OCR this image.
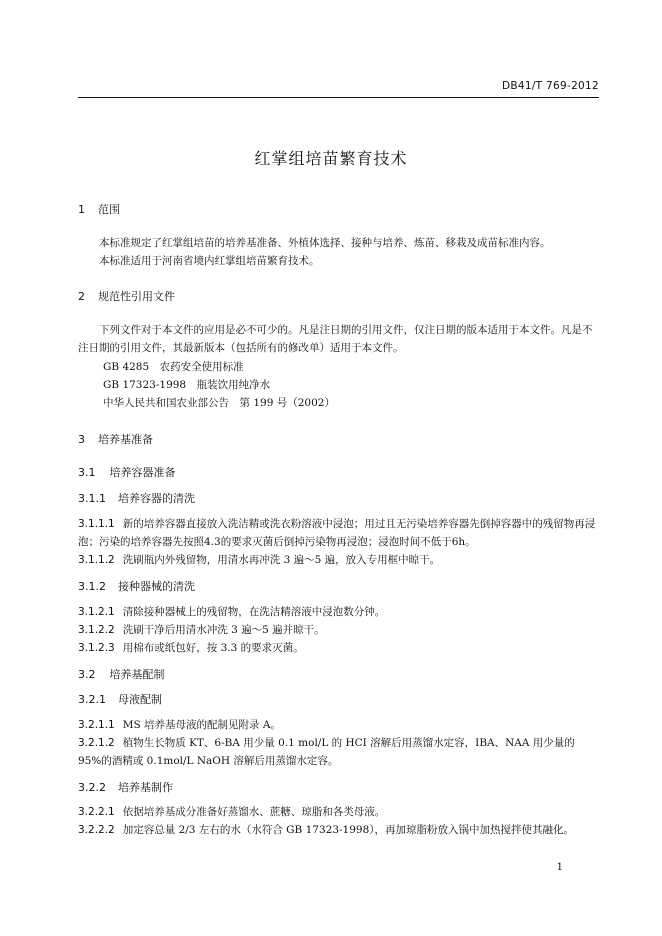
DB41/T 769-2012
红掌组培苗繁育技术
1 范围
本标准规定了红掌组培苗的培养基准备、外植体选择、接种与培养、炼苗、移栽及成苗标准内容。
本标准适用于河南省境内红掌组培苗繁育技术。
2 规范性引用文件
下列文件对于本文件的应用是必不可少的。凡是注日期的引用文件，仅注日期的版本适用于本文件。凡是不注日期的引用文件，其最新版本（包括所有的修改单）适用于本文件。
GB 4285　农药安全使用标准
GB 17323-1998　瓶装饮用纯净水
中华人民共和国农业部公告　第 199 号（2002）
3 培养基准备
3.1 培养容器准备
3.1.1 培养容器的清洗
3.1.1.1 新的培养容器直接放入洗洁精或洗衣粉溶液中浸泡；用过且无污染培养容器先倒掉容器中的残留物再浸泡；污染的培养容器先按照4.3的要求灭菌后倒掉污染物再浸泡；浸泡时间不低于6h。
3.1.1.2 洗刷瓶内外残留物，用清水再冲洗 3 遍～5 遍，放入专用框中晾干。
3.1.2 接种器械的清洗
3.1.2.1 清除接种器械上的残留物，在洗洁精溶液中浸泡数分钟。
3.1.2.2 洗刷干净后用清水冲洗 3 遍～5 遍并晾干。
3.1.2.3 用棉布或纸包好，按 3.3 的要求灭菌。
3.2 培养基配制
3.2.1 母液配制
3.2.1.1 MS 培养基母液的配制见附录 A。
3.2.1.2 植物生长物质 KT、6-BA 用少量 0.1 mol/L 的 HCI 溶解后用蒸馏水定容，IBA、NAA 用少量的 95%的酒精或 0.1mol/L NaOH 溶解后用蒸馏水定容。
3.2.2 培养基制作
3.2.2.1 依据培养基成分准备好蒸馏水、蔗糖、琼脂和各类母液。
3.2.2.2 加定容总量 2/3 左右的水（水符合 GB 17323-1998），再加琼脂粉放入锅中加热搅拌使其融化。
1
